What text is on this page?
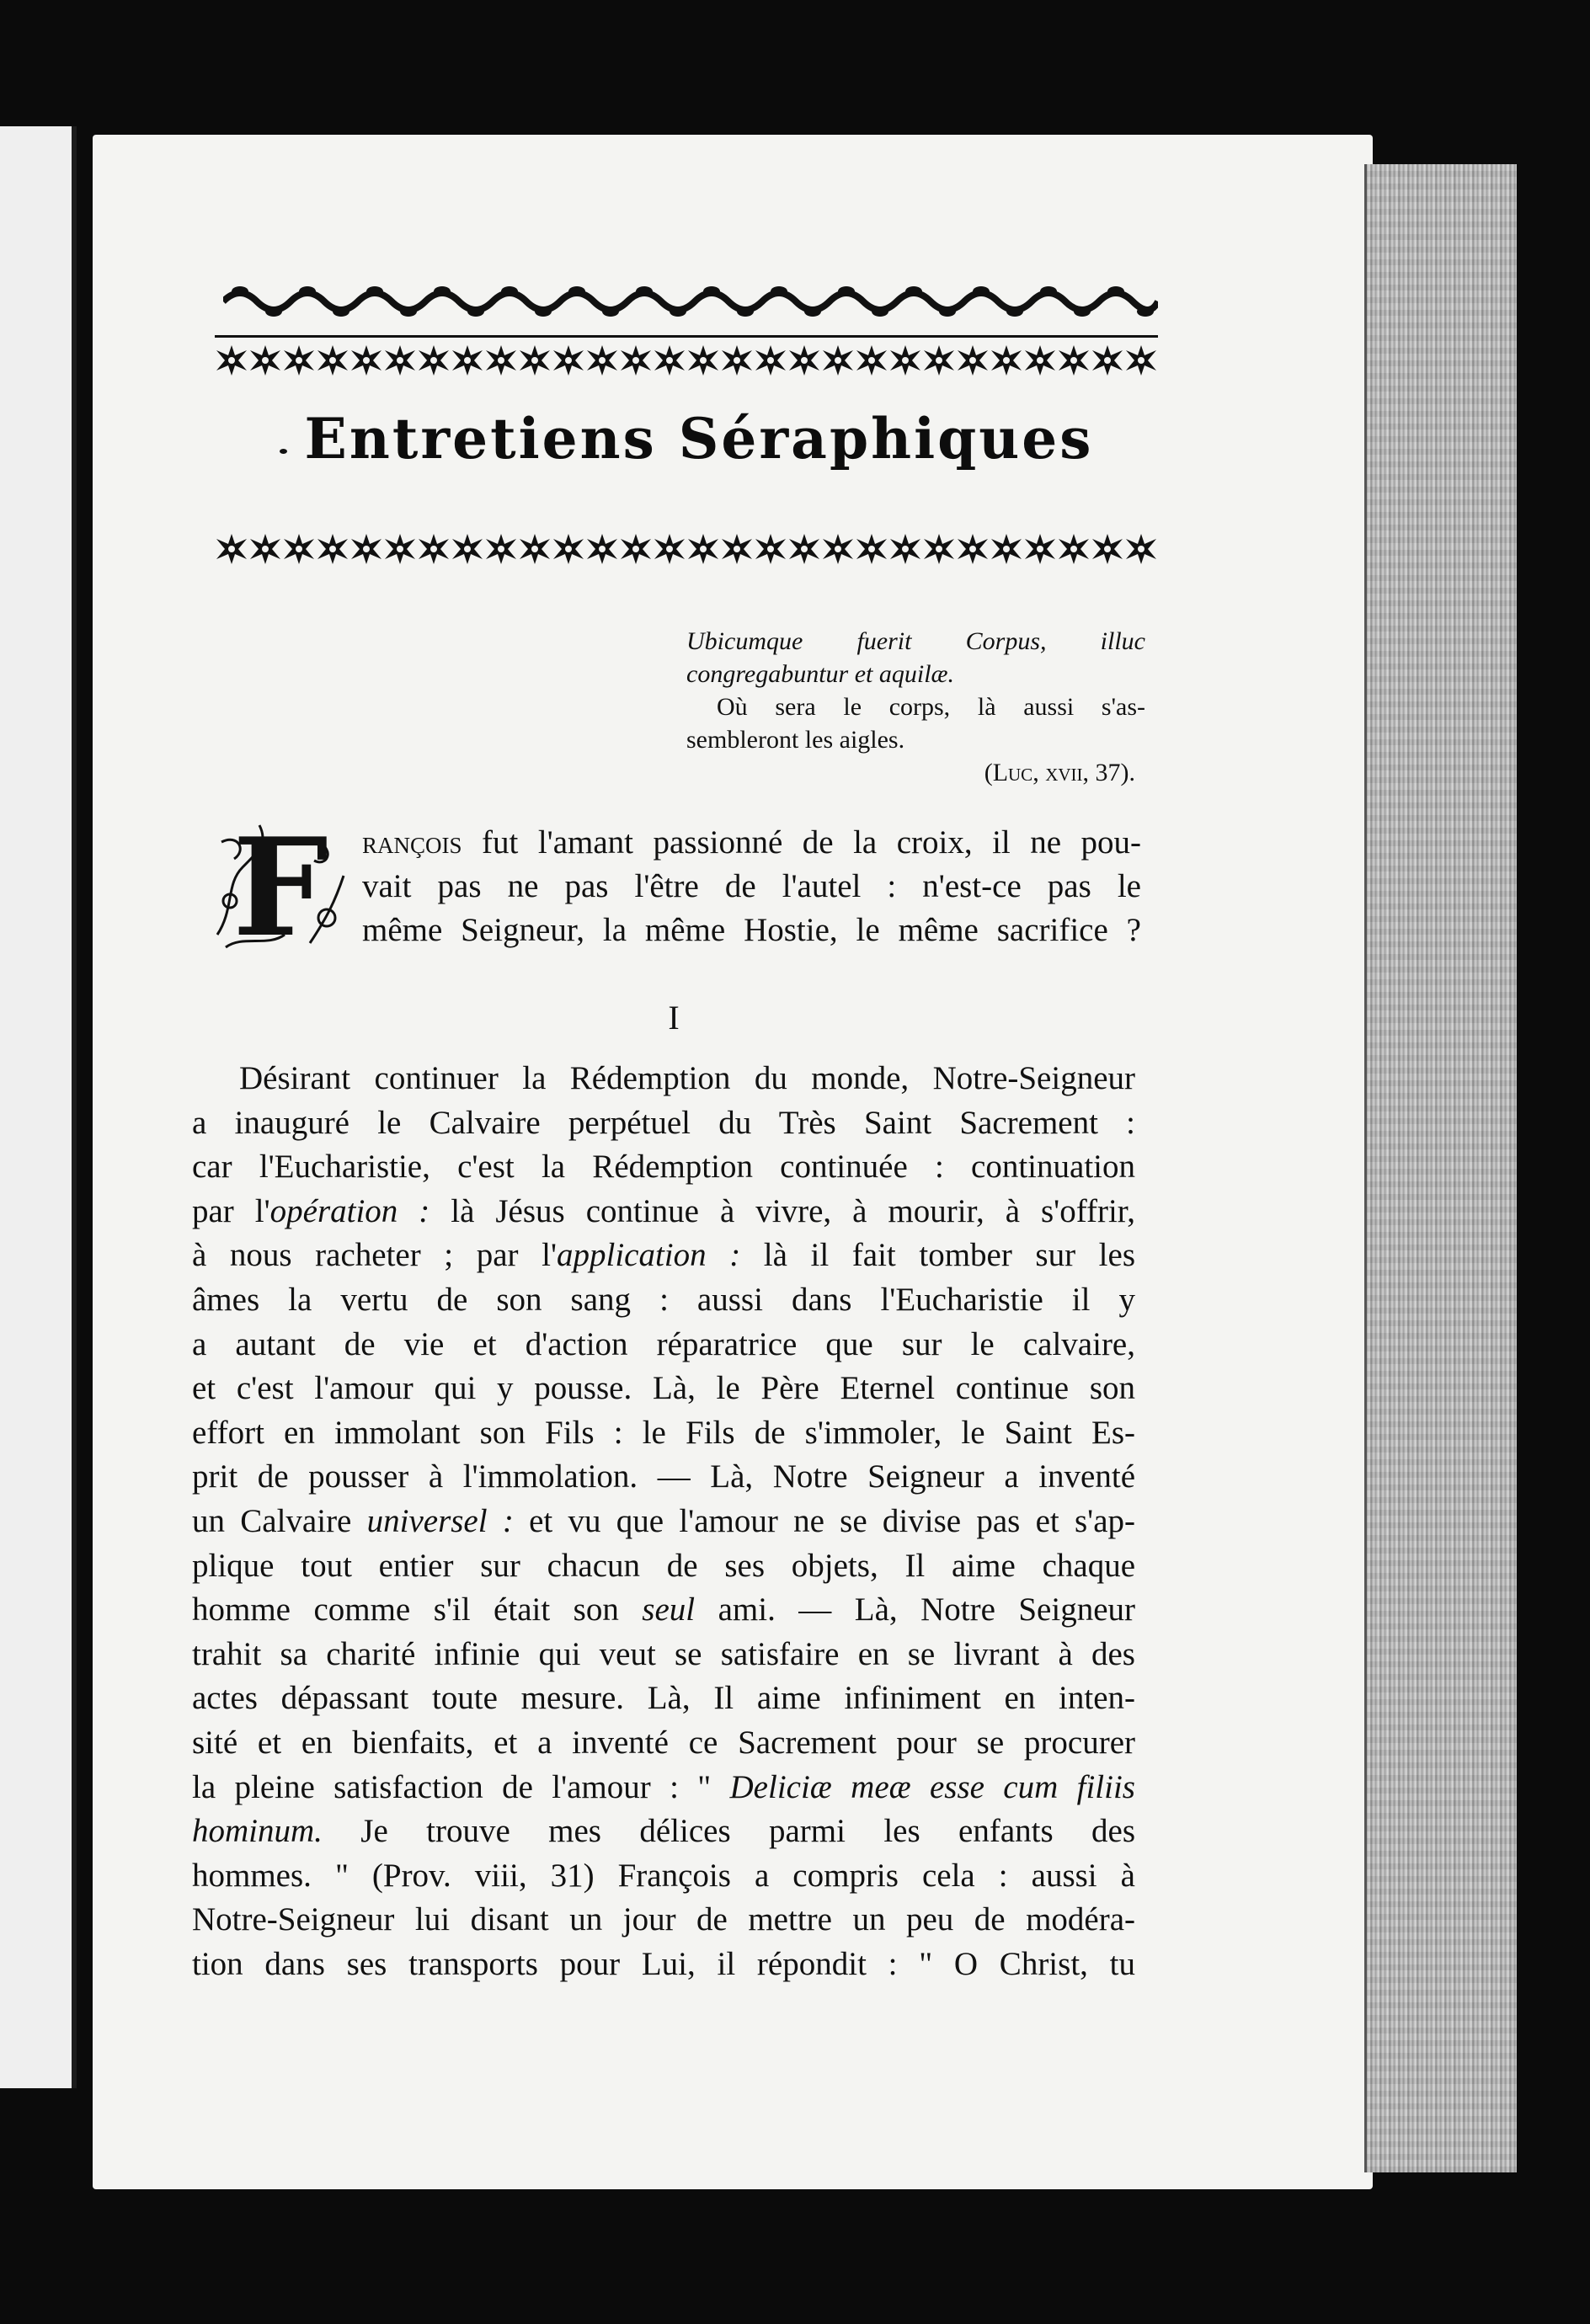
Entretiens Séraphiques
Ubicumque fuerit Corpus, illuc
congregabuntur et aquilæ.
Où sera le corps, là aussi s'as-
sembleront les aigles.
(Luc, xvii, 37).
F rançois fut l'amant passionné de la croix, il ne pou-
vait pas ne pas l'être de l'autel : n'est-ce pas le
même Seigneur, la même Hostie, le même sacrifice ?
I
Désirant continuer la Rédemption du monde, Notre-Seigneur
a inauguré le Calvaire perpétuel du Très Saint Sacrement :
car l'Eucharistie, c'est la Rédemption continuée : continuation
par l'opération : là Jésus continue à vivre, à mourir, à s'offrir,
à nous racheter ; par l'application : là il fait tomber sur les
âmes la vertu de son sang : aussi dans l'Eucharistie il y
a autant de vie et d'action réparatrice que sur le calvaire,
et c'est l'amour qui y pousse. Là, le Père Eternel continue son
effort en immolant son Fils : le Fils de s'immoler, le Saint Es-
prit de pousser à l'immolation. — Là, Notre Seigneur a inventé
un Calvaire universel : et vu que l'amour ne se divise pas et s'ap-
plique tout entier sur chacun de ses objets, Il aime chaque
homme comme s'il était son seul ami. — Là, Notre Seigneur
trahit sa charité infinie qui veut se satisfaire en se livrant à des
actes dépassant toute mesure. Là, Il aime infiniment en inten-
sité et en bienfaits, et a inventé ce Sacrement pour se procurer
la pleine satisfaction de l'amour : " Deliciæ meæ esse cum filiis
hominum. Je trouve mes délices parmi les enfants des
hommes. " (Prov. viii, 31) François a compris cela : aussi à
Notre-Seigneur lui disant un jour de mettre un peu de modéra-
tion dans ses transports pour Lui, il répondit : " O Christ, tu
